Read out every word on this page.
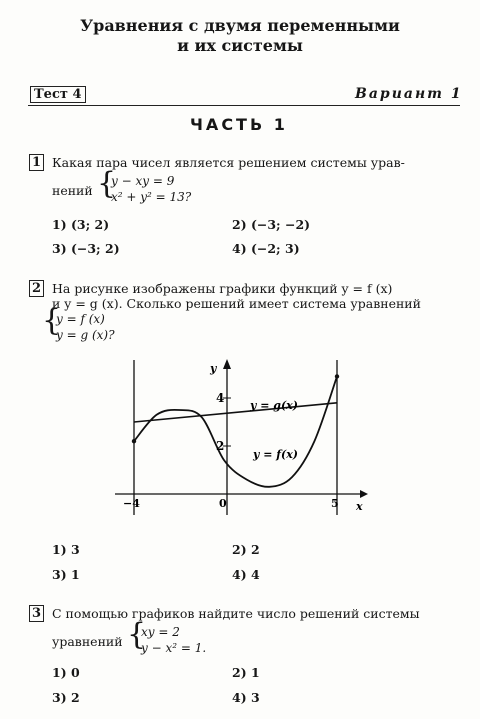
Уравнения с двумя переменными
и их системы
Тест 4	Вариант 1
ЧАСТЬ 1
1 Какая пара чисел является решением системы урав-
нений {
y − xy = 9
x² + y² = 13?
1) (3; 2)	2) (−3; −2)
3) (−3; 2)	4) (−2; 3)
2 На рисунке изображены графики функций y = f (x)
и y = g (x). Сколько решений имеет система уравнений
{
y = f (x)
y = g (x)?
y
x
4
2
−4	0	5
y = g(x)
y = f(x)
1) 3	2) 2
3) 1	4) 4
3 С помощью графиков найдите число решений системы
уравнений {
xy = 2
y − x² = 1.
1) 0	2) 1
3) 2	4) 3
